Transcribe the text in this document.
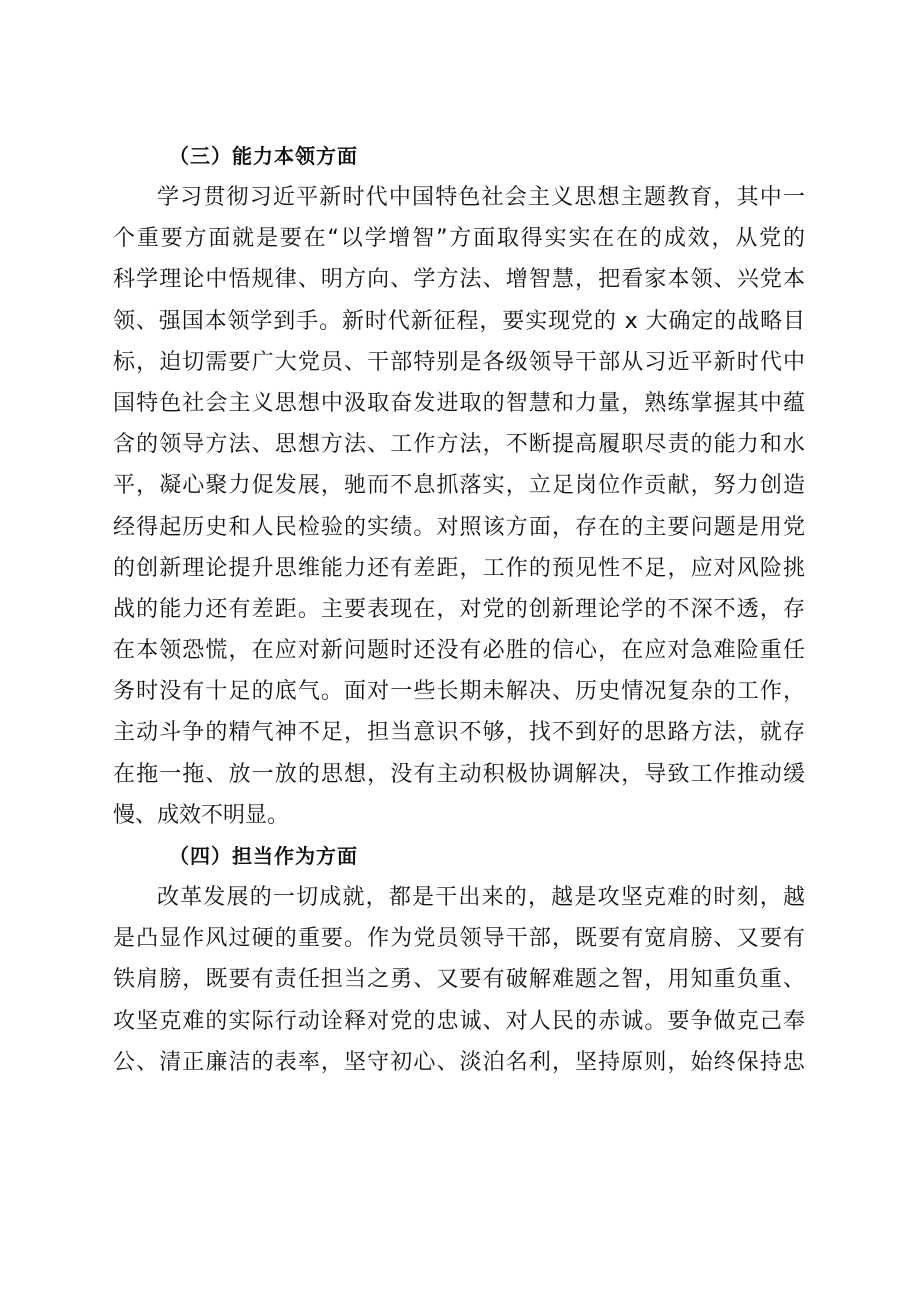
（三）能力本领方面
学习贯彻习近平新时代中国特色社会主义思想主题教育，其中一
个重要方面就是要在“以学增智”方面取得实实在在的成效，从党的
科学理论中悟规律、明方向、学方法、增智慧，把看家本领、兴党本
领、强国本领学到手。新时代新征程，要实现党的 x 大确定的战略目
标，迫切需要广大党员、干部特别是各级领导干部从习近平新时代中
国特色社会主义思想中汲取奋发进取的智慧和力量，熟练掌握其中蕴
含的领导方法、思想方法、工作方法，不断提高履职尽责的能力和水
平，凝心聚力促发展，驰而不息抓落实，立足岗位作贡献，努力创造
经得起历史和人民检验的实绩。对照该方面，存在的主要问题是用党
的创新理论提升思维能力还有差距，工作的预见性不足，应对风险挑
战的能力还有差距。主要表现在，对党的创新理论学的不深不透，存
在本领恐慌，在应对新问题时还没有必胜的信心，在应对急难险重任
务时没有十足的底气。面对一些长期未解决、历史情况复杂的工作，
主动斗争的精气神不足，担当意识不够，找不到好的思路方法，就存
在拖一拖、放一放的思想，没有主动积极协调解决，导致工作推动缓
慢、成效不明显。
（四）担当作为方面
改革发展的一切成就，都是干出来的，越是攻坚克难的时刻，越
是凸显作风过硬的重要。作为党员领导干部，既要有宽肩膀、又要有
铁肩膀，既要有责任担当之勇、又要有破解难题之智，用知重负重、
攻坚克难的实际行动诠释对党的忠诚、对人民的赤诚。要争做克己奉
公、清正廉洁的表率，坚守初心、淡泊名利，坚持原则，始终保持忠
